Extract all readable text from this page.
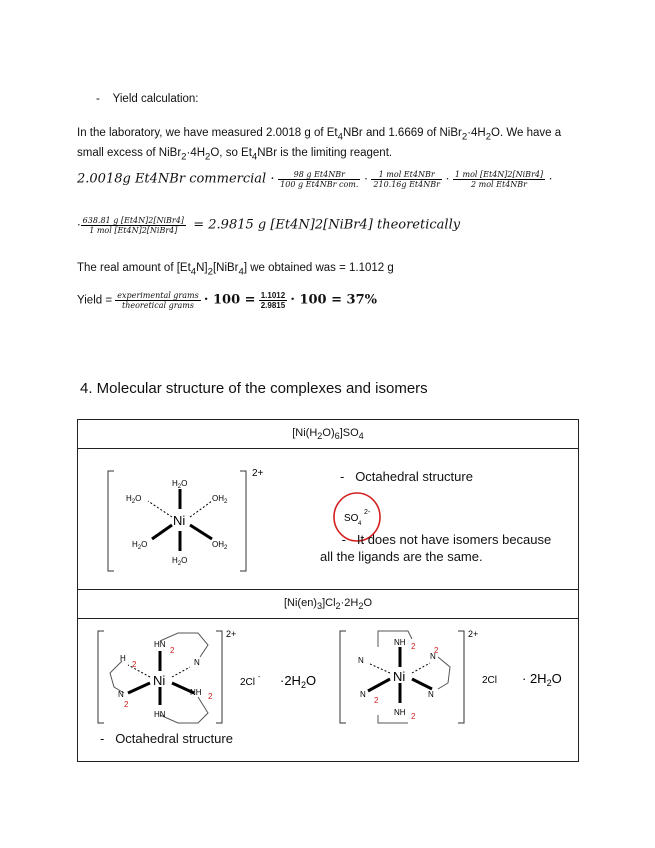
- Yield calculation:
In the laboratory, we have measured 2.0018 g of $Et_4NBr$ and 1.6669 of $NiBr_2\cdot 4H_2O$. We have a
small excess of $NiBr_2\cdot 4H_2O$, so $Et_4NBr$ is the limiting reagent.
2.0018g Et4NBr commercial · $\frac{\text{98 g Et4NBr}}{\text{100 g Et4NBr com.}} \cdot \frac{\text{1 mol Et4NBr}}{\text{210.16g Et4NBr}} \cdot \frac{\text{1 mol [Et4N]2[NiBr4]}}{\text{2 mol Et4NBr}}$ ·
· $\frac{\text{638.81 g [Et4N]2[NiBr4]}}{\text{1 mol [Et4N]2[NiBr4]}} = 2.9815$ g [Et4N]2[NiBr4] theoretically
The real amount of $[Et_4N]_2[NiBr_4]$ we obtained was = 1.1012 g
Yield = $\frac{\text{experimental grams}}{\text{theoretical grams}} \cdot 100 = \frac{1.1012}{2.9815} \cdot 100 = 37\%$
4. Molecular structure of the complexes and isomers
$[Ni(H_2O)_6]SO_4$

2+
Ni
$H_2O$
$H_2O$
$H_2O$	$OH_2$
$H_2O$	$OH_2$
SO 4
2-
- Octahedral structure
- It does not have isomers because
all the ligands are the same.

$[Ni(en)_3]Cl_2\cdot 2H_2O$

2+
Ni
HN
HN
H
N	NH
N
2
2
2
2
$2Cl - \cdot 2H_2O$
2+
Ni
NH
NH
N
N
N
N
2 2
2
2
$2Cl \cdot 2H_2O$
- Octahedral structure
